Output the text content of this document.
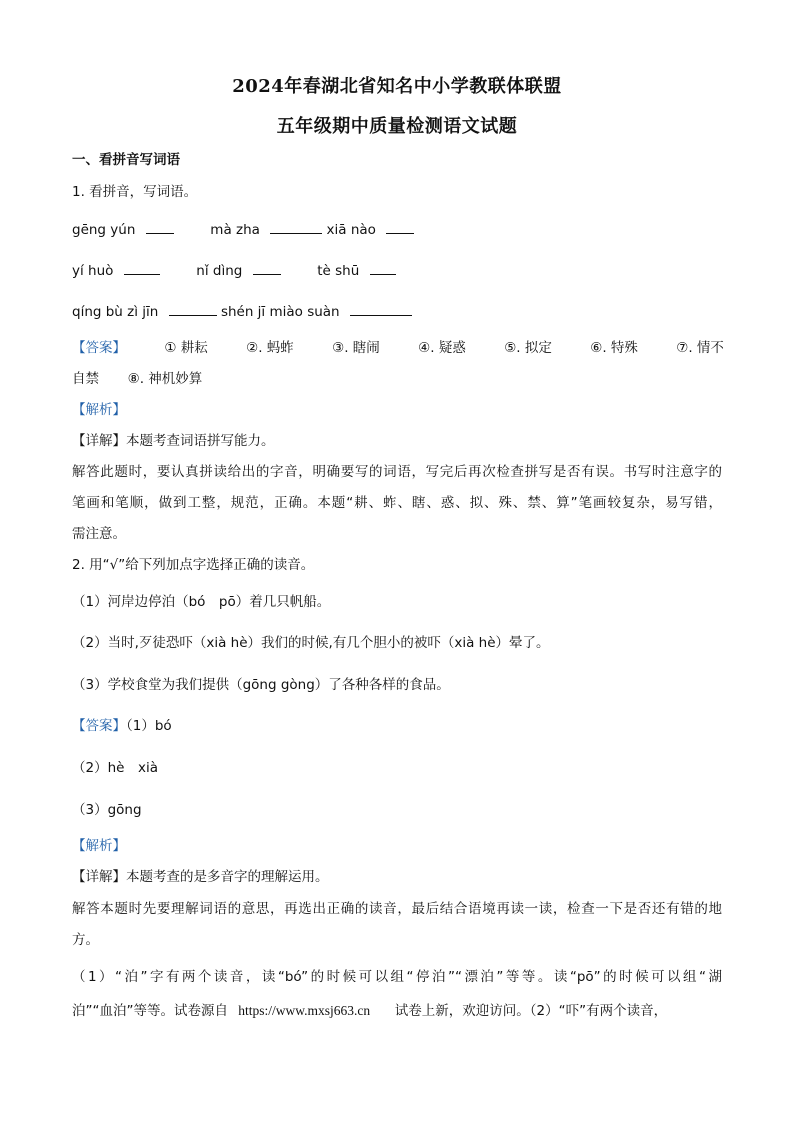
2024年春湖北省知名中小学教联体联盟
五年级期中质量检测语文试题
一、看拼音写词语
1. 看拼音，写词语。
gēng yún	mà zha	xiā nào
yí huò	nǐ dìng	tè shū
qíng bù zì jīn	shén jī miào suàn
【答案】	① 耕耘	②. 蚂蚱	③. 瞎闹	④. 疑惑	⑤. 拟定	⑥. 特殊	⑦. 情不
自禁 ⑧. 神机妙算
【解析】
【详解】本题考查词语拼写能力。
解答此题时，要认真拼读给出的字音，明确要写的词语，写完后再次检查拼写是否有误。书写时注意字的
笔画和笔顺，做到工整，规范，正确。本题“耕、蚱、瞎、惑、拟、殊、禁、算”笔画较复杂，易写错，
需注意。
2. 用“√”给下列加点字选择正确的读音。
（1）河岸边停泊（bó　pō）着几只帆船。
（2）当时,歹徒恐吓（xià hè）我们的时候,有几个胆小的被吓（xià hè）晕了。
（3）学校食堂为我们提供（gōng gòng）了各种各样的食品。
【答案】（1）bó
（2）hè　xià
（3）gōng
【解析】
【详解】本题考查的是多音字的理解运用。
解答本题时先要理解词语的意思，再选出正确的读音，最后结合语境再读一读，检查一下是否还有错的地
方。
（1）“泊”字有两个读音，读“bó”的时候可以组“停泊”“漂泊”等等。读“pō”的时候可以组“湖
泊”“血泊”等等。试卷源自 https://www.mxsj663.cn 试卷上新，欢迎访问。（2）“吓”有两个读音，
